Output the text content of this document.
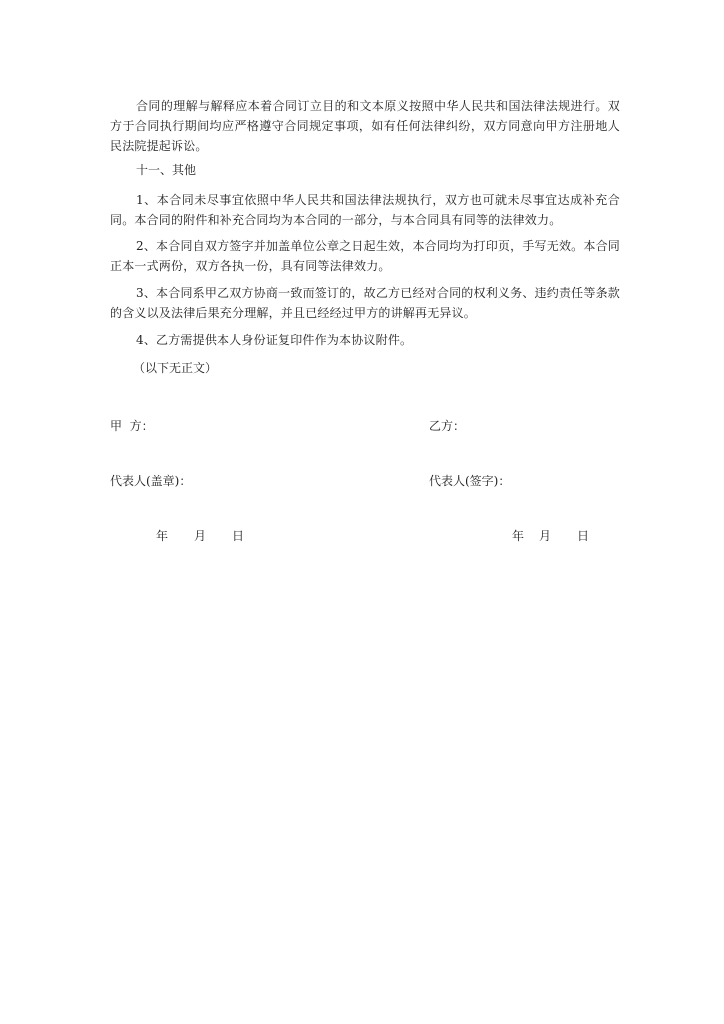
合同的理解与解释应本着合同订立目的和文本原义按照中华人民共和国法律法规进行。双方于合同执行期间均应严格遵守合同规定事项，如有任何法律纠纷，双方同意向甲方注册地人民法院提起诉讼。
十一、其他
1、本合同未尽事宜依照中华人民共和国法律法规执行，双方也可就未尽事宜达成补充合同。本合同的附件和补充合同均为本合同的一部分，与本合同具有同等的法律效力。
2、本合同自双方签字并加盖单位公章之日起生效，本合同均为打印页，手写无效。本合同正本一式两份，双方各执一份，具有同等法律效力。
3、本合同系甲乙双方协商一致而签订的，故乙方已经对合同的权利义务、违约责任等条款的含义以及法律后果充分理解，并且已经经过甲方的讲解再无异议。
4、乙方需提供本人身份证复印件作为本协议附件。
（以下无正文）
甲  方：	乙方：
代表人(盖章)：	代表人(签字)：
年 月 日	年 月 日
